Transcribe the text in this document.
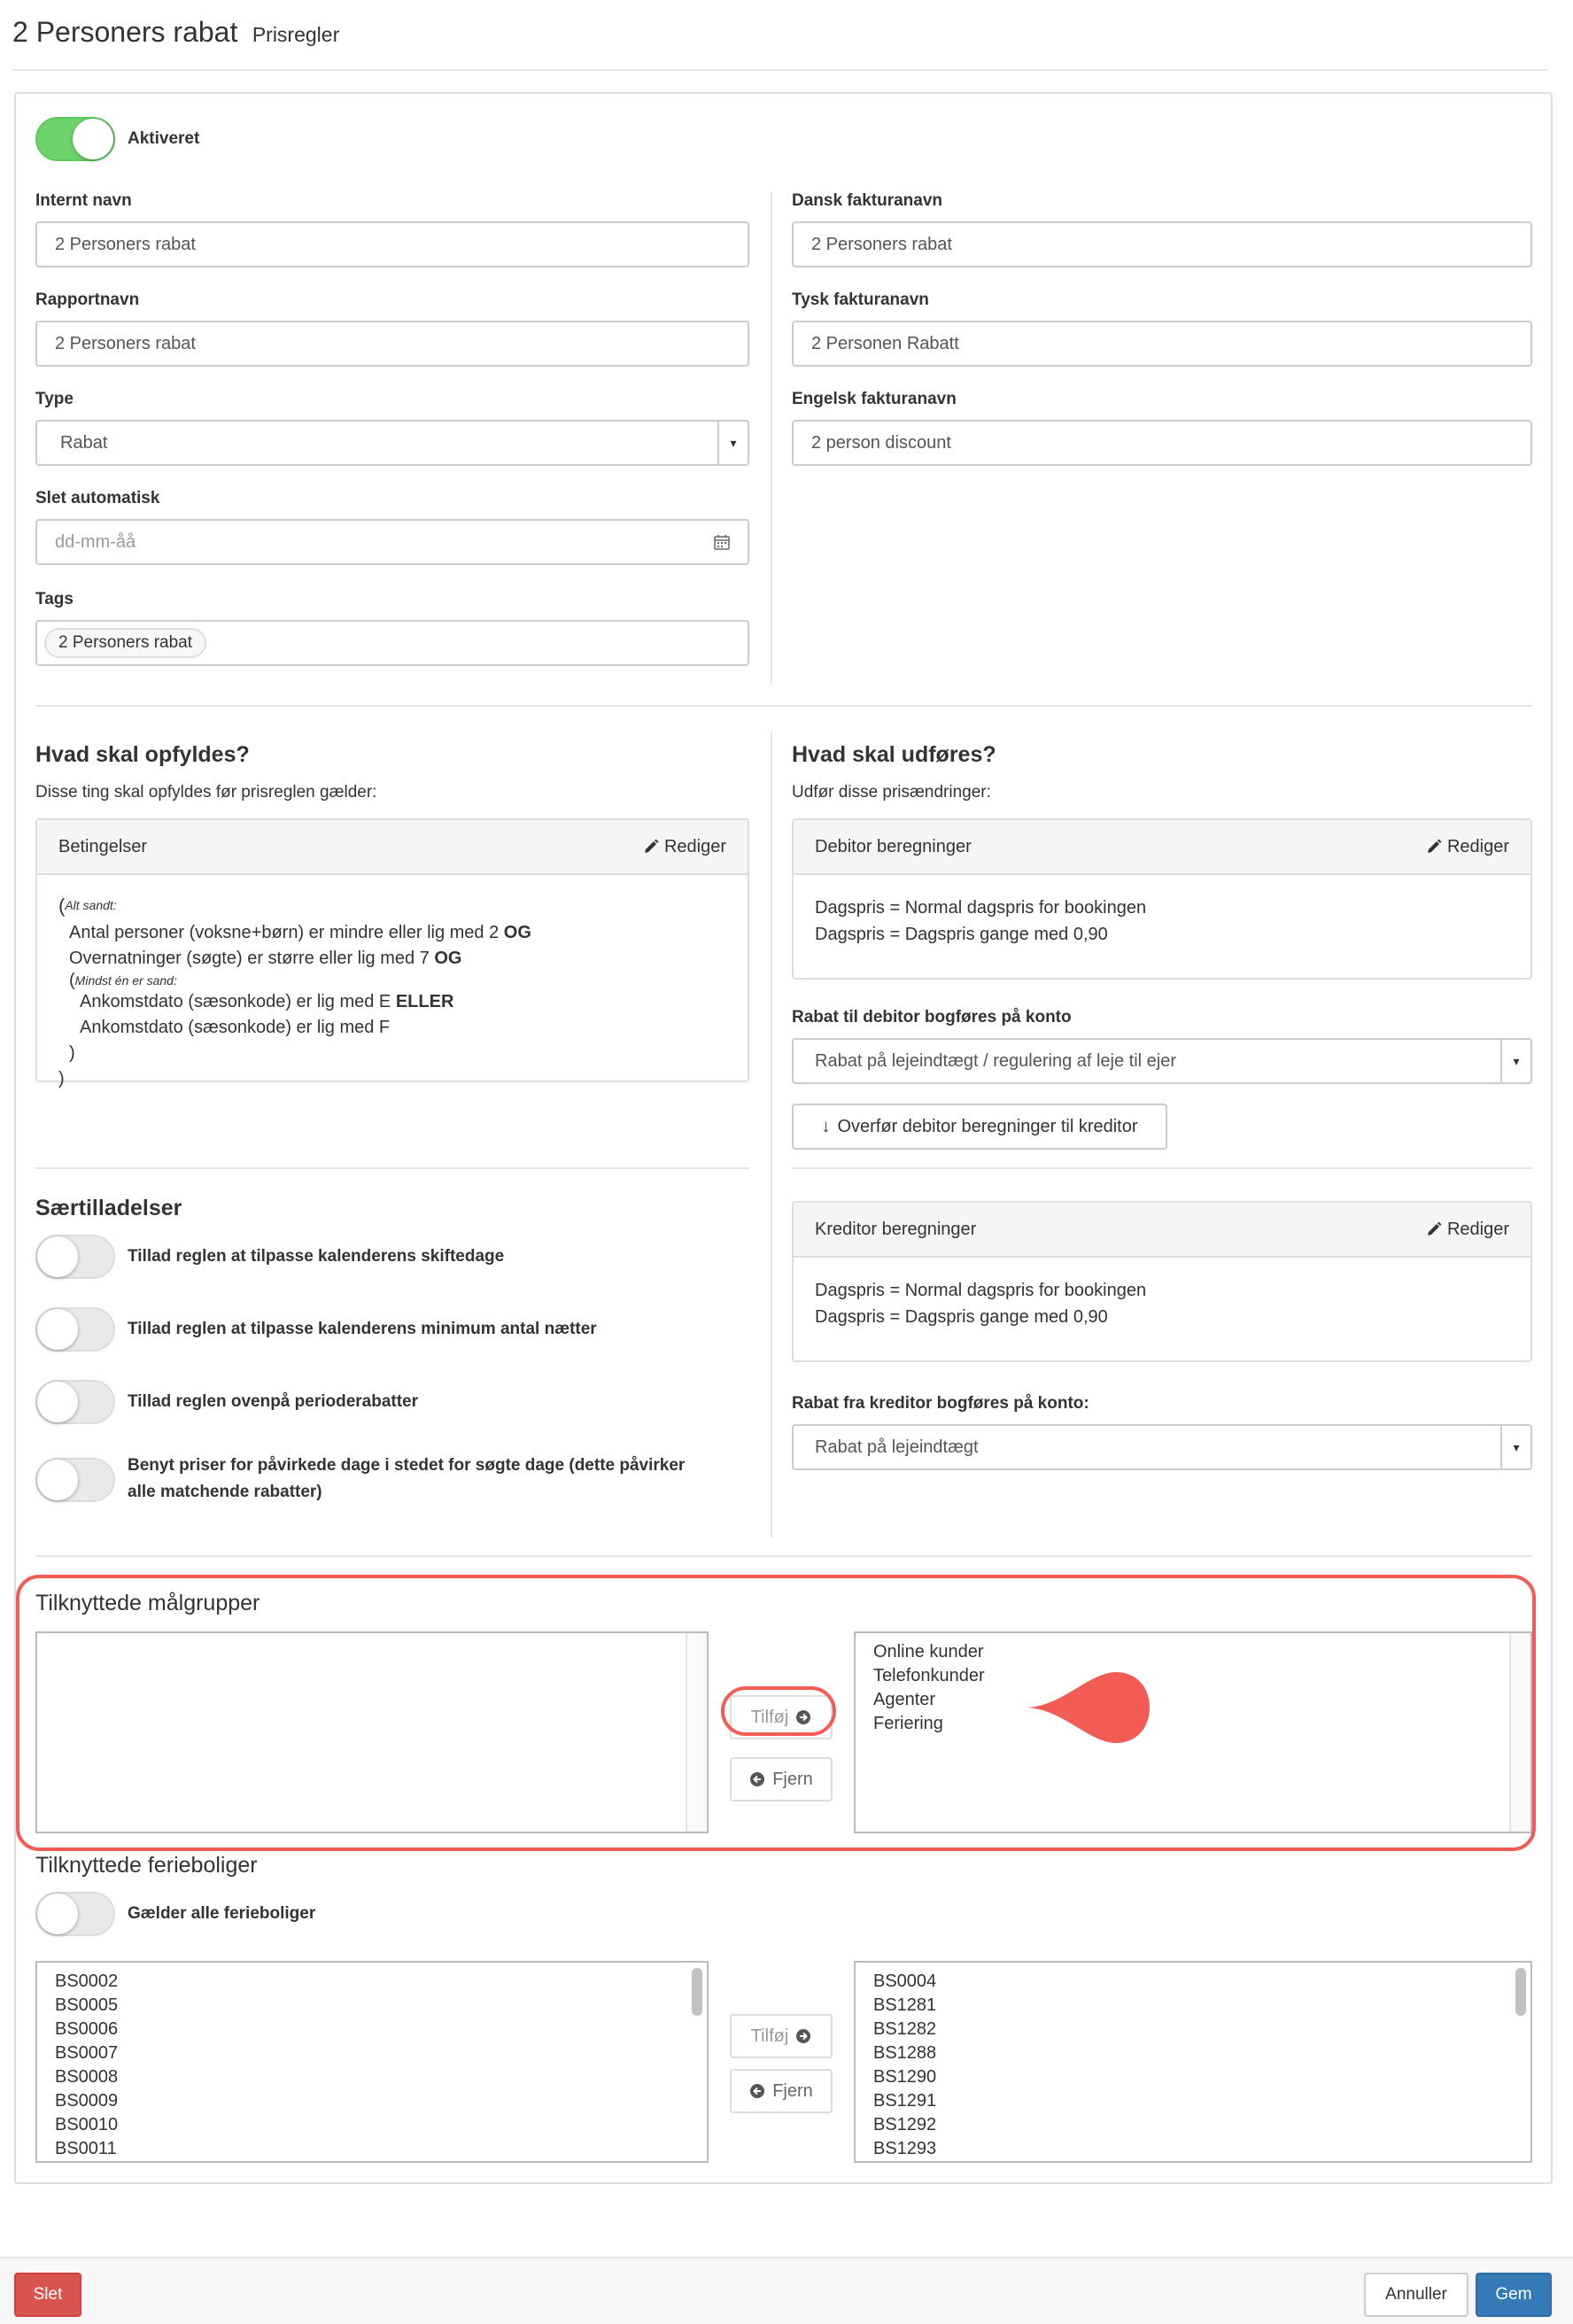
2 Personers rabat Prisregler
Aktiveret
Internt navn
2 Personers rabat
Rapportnavn
2 Personers rabat
Type
Rabat	▾
Slet automatisk
dd-mm-åå
Tags
2 Personers rabat
Dansk fakturanavn
2 Personers rabat
Tysk fakturanavn
2 Personen Rabatt
Engelsk fakturanavn
2 person discount
Hvad skal opfyldes?
Disse ting skal opfyldes før prisreglen gælder:
Betingelser	Rediger
($^{Alt sandt:}$
Antal personer (voksne+børn) er mindre eller lig med 2 OG
Overnatninger (søgte) er større eller lig med 7 OG
($^{Mindst én er sand:}$
Ankomstdato (sæsonkode) er lig med E ELLER
Ankomstdato (sæsonkode) er lig med F
)
)
Særtilladelser
Tillad reglen at tilpasse kalenderens skiftedage
Tillad reglen at tilpasse kalenderens minimum antal nætter
Tillad reglen ovenpå perioderabatter
Benyt priser for påvirkede dage i stedet for søgte dage (dette påvirker
alle matchende rabatter)
Hvad skal udføres?
Udfør disse prisændringer:
Debitor beregninger	Rediger
Dagspris = Normal dagspris for bookingen
Dagspris = Dagspris gange med 0,90
Rabat til debitor bogføres på konto
Rabat på lejeindtægt / regulering af leje til ejer	▾
↓ Overfør debitor beregninger til kreditor
Kreditor beregninger	Rediger
Dagspris = Normal dagspris for bookingen
Dagspris = Dagspris gange med 0,90
Rabat fra kreditor bogføres på konto:
Rabat på lejeindtægt	▾
Tilknyttede målgrupper
Tilføj
Fjern
Online kunder
Telefonkunder
Agenter
Feriering
Tilknyttede ferieboliger
Gælder alle ferieboliger
BS0002
BS0005
BS0006
BS0007
BS0008
BS0009
BS0010
BS0011
Tilføj
Fjern
BS0004
BS1281
BS1282
BS1288
BS1290
BS1291
BS1292
BS1293
Slet	Annuller	Gem
